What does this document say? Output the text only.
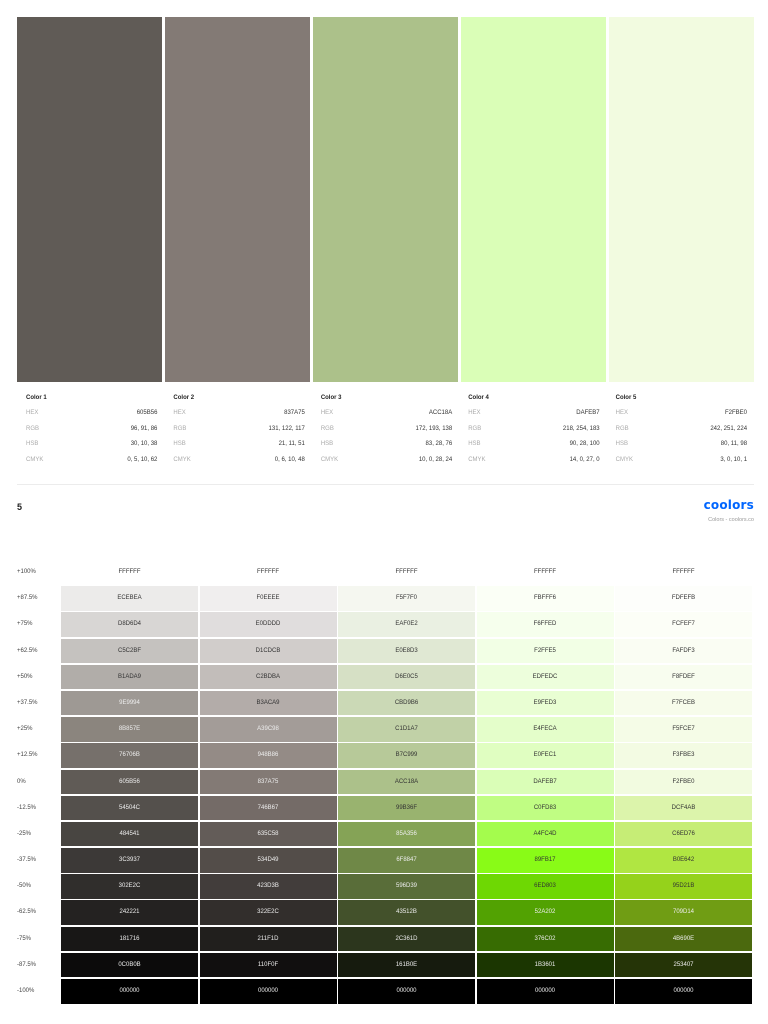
Color 1
HEX	605B56
RGB	96, 91, 86
HSB	30, 10, 38
CMYK	0, 5, 10, 62
Color 2
HEX	837A75
RGB	131, 122, 117
HSB	21, 11, 51
CMYK	0, 6, 10, 48
Color 3
HEX	ACC18A
RGB	172, 193, 138
HSB	83, 28, 76
CMYK	10, 0, 28, 24
Color 4
HEX	DAFEB7
RGB	218, 254, 183
HSB	90, 28, 100
CMYK	14, 0, 27, 0
Color 5
HEX	F2FBE0
RGB	242, 251, 224
HSB	80, 11, 98
CMYK	3, 0, 10, 1
5	coolors
Colors - coolors.co
+100%	FFFFFF	FFFFFF	FFFFFF	FFFFFF	FFFFFF
+87.5%	ECEBEA	F0EEEE	F5F7F0	FBFFF6	FDFEFB
+75%	D8D6D4	E0DDDD	EAF0E2	F6FFED	FCFEF7
+62.5%	C5C2BF	D1CDCB	E0E8D3	F2FFE5	FAFDF3
+50%	B1ADA9	C2BDBA	D6E0C5	EDFEDC	F8FDEF
+37.5%	9E9994	B3ACA9	CBD9B6	E9FED3	F7FCEB
+25%	8B857E	A39C98	C1D1A7	E4FECA	F5FCE7
+12.5%	76706B	948B86	B7C999	E0FEC1	F3FBE3
0%	605B56	837A75	ACC18A	DAFEB7	F2FBE0
-12.5%	54504C	746B67	99B36F	C0FD83	DCF4AB
-25%	484541	635C58	85A356	A4FC4D	C6ED76
-37.5%	3C3937	534D49	6F8847	89FB17	B0E642
-50%	302E2C	423D3B	596D39	6ED803	95D21B
-62.5%	242221	322E2C	43512B	52A202	709D14
-75%	181716	211F1D	2C361D	376C02	4B690E
-87.5%	0C0B0B	110F0F	161B0E	1B3601	253407
-100%	000000	000000	000000	000000	000000
